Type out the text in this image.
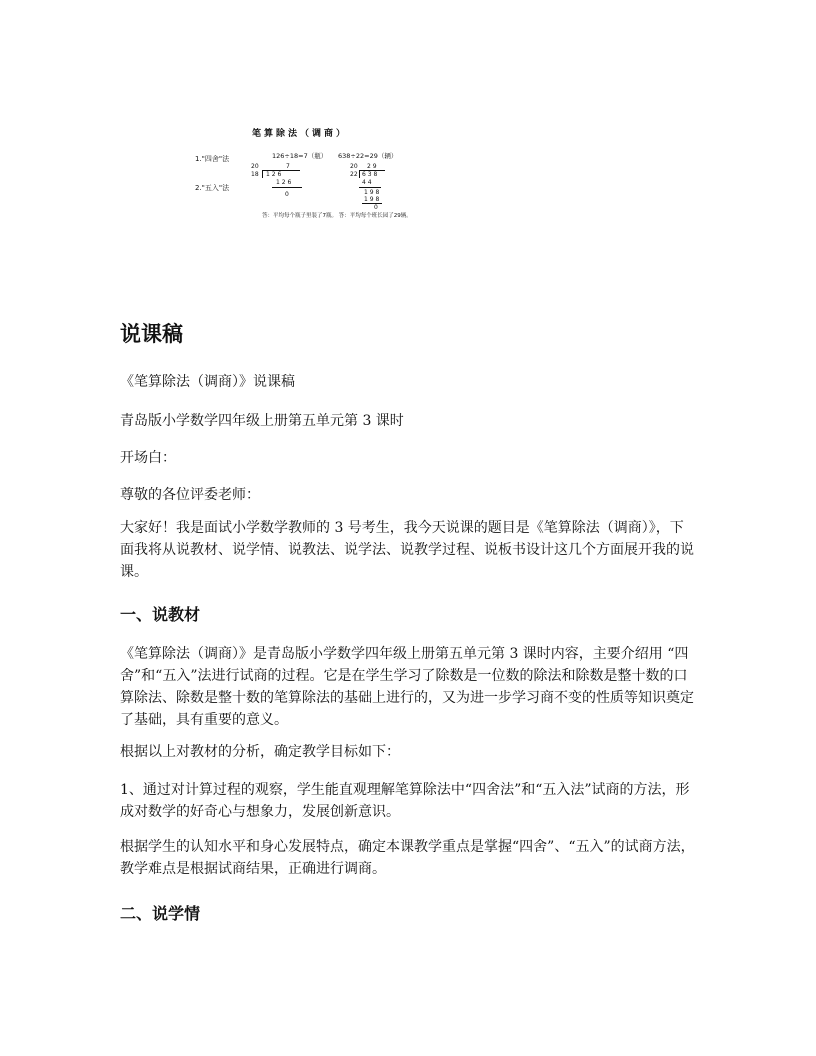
笔算除法（调商）
1."四舍"法
2."五入"法
126÷18=7（瓶） 638÷22=29（辆）
20	7
18 1 2 6
1 2 6
0
20 2 9
22 6 3 8
4 4
1 9 8
1 9 8
0
答：平均每个瓶子里装了7瓶。 答：平均每个班长园了29辆。
说课稿

《笔算除法（调商）》说课稿

青岛版小学数学四年级上册第五单元第 3 课时

开场白：

尊敬的各位评委老师：

大家好！我是面试小学数学教师的 3 号考生，我今天说课的题目是《笔算除法（调商）》，下面我将从说教材、说学情、说教法、说学法、说教学过程、说板书设计这几个方面展开我的说课。

一、说教材

《笔算除法（调商）》是青岛版小学数学四年级上册第五单元第 3 课时内容，主要介绍用 “四舍”和“五入”法进行试商的过程。它是在学生学习了除数是一位数的除法和除数是整十数的口算除法、除数是整十数的笔算除法的基础上进行的，又为进一步学习商不变的性质等知识奠定了基础，具有重要的意义。

根据以上对教材的分析，确定教学目标如下：

1、通过对计算过程的观察，学生能直观理解笔算除法中“四舍法”和“五入法”试商的方法，形成对数学的好奇心与想象力，发展创新意识。

根据学生的认知水平和身心发展特点，确定本课教学重点是掌握“四舍”、“五入”的试商方法，教学难点是根据试商结果，正确进行调商。

二、说学情
